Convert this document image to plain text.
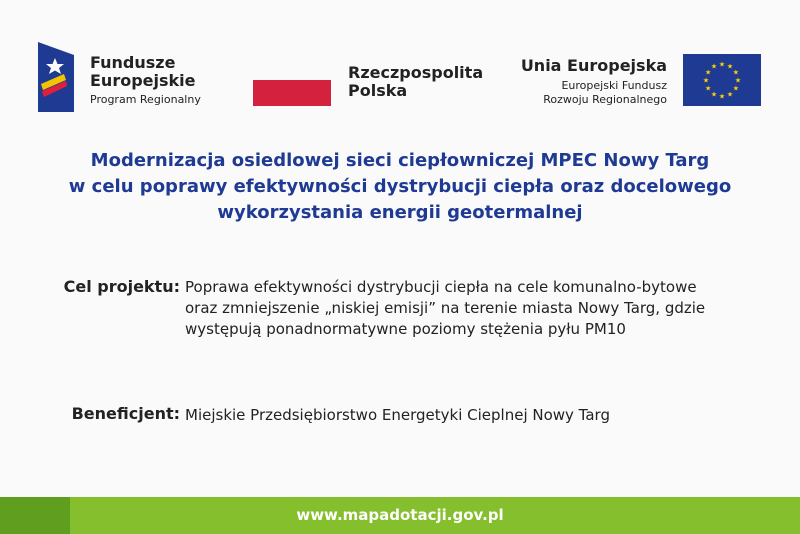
Fundusze
Europejskie
Program Regionalny
Rzeczpospolita
Polska
Unia Europejska
Europejski Fundusz
Rozwoju Regionalnego
★ ★
★
★
★
★
★
★
★
★
★
★
Modernizacja osiedlowej sieci ciepłowniczej MPEC Nowy Targ
w celu poprawy efektywności dystrybucji ciepła oraz docelowego
wykorzystania energii geotermalnej
Cel projektu: Poprawa efektywności dystrybucji ciepła na cele komunalno-bytowe
oraz zmniejszenie „niskiej emisji” na terenie miasta Nowy Targ, gdzie
występują ponadnormatywne poziomy stężenia pyłu PM10
Beneficjent: Miejskie Przedsiębiorstwo Energetyki Cieplnej Nowy Targ
www.mapadotacji.gov.pl
